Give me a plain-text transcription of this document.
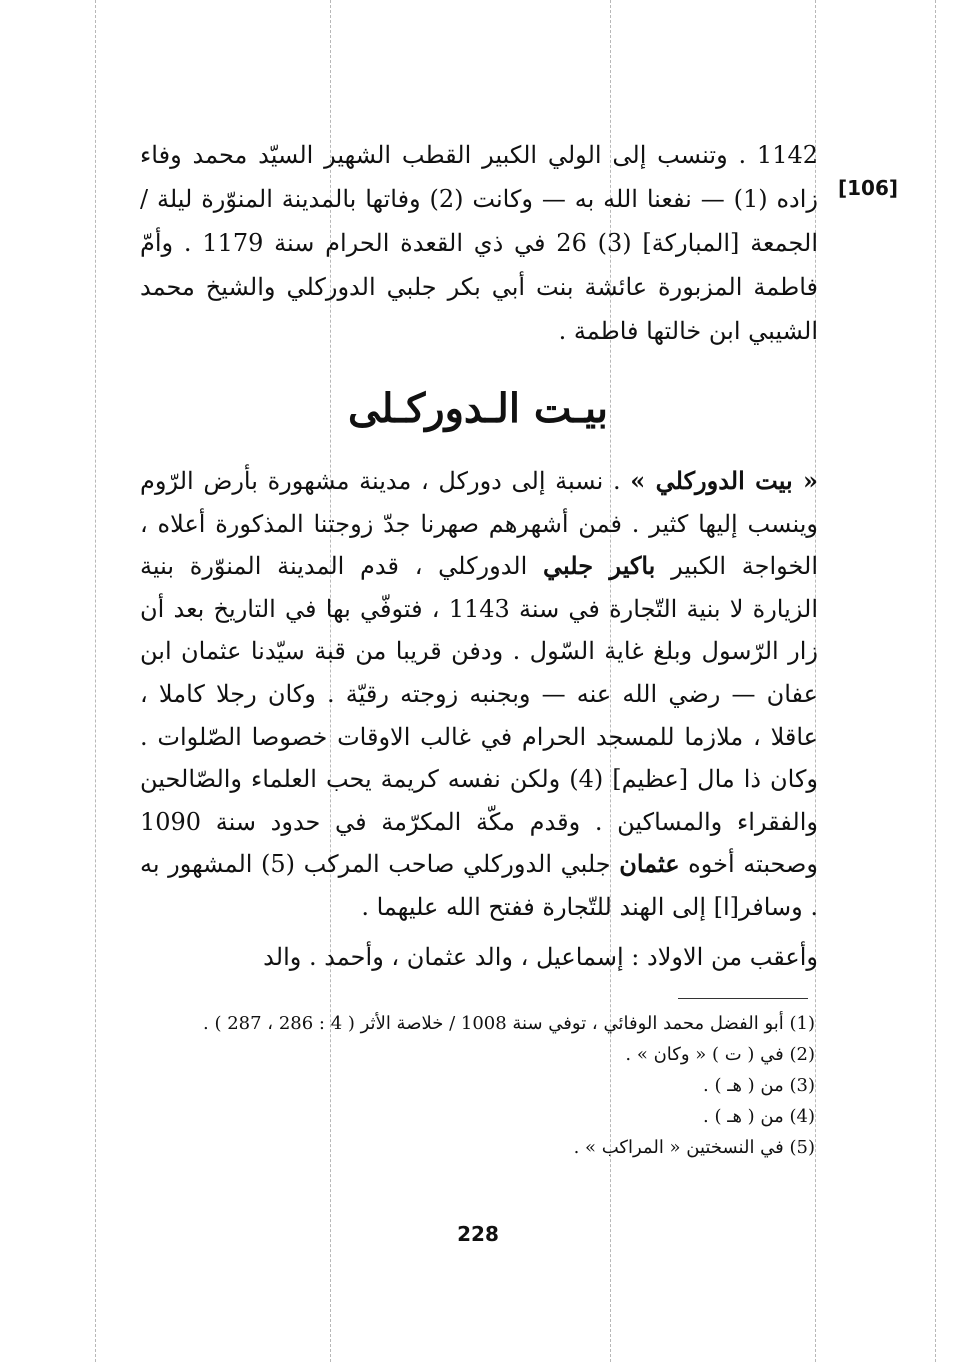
1142 . وتنسب إلى الولي الكبير القطب الشهير السيّد محمد وفاء زاده (1) — نفعنا الله به — وكانت (2) وفاتها بالمدينة المنوّرة ليلة / الجمعة [المباركة] (3) 26 في ذي القعدة الحرام سنة 1179 . وأمّ فاطمة المزبورة عائشة بنت أبي بكر جلبي الدوركلي والشيخ محمد الشيبي ابن خالتها فاطمة .
[106]
بيـت الـدوركـلى
« بيت الدوركلي » . نسبة إلى دوركل ، مدينة مشهورة بأرض الرّوم وينسب إليها كثير . فمن أشهرهم صهرنا جدّ زوجتنا المذكورة أعلاه ، الخواجة الكبير باكير جلبي الدوركلي ، قدم المدينة المنوّرة بنية الزيارة لا بنية التّجارة في سنة 1143 ، فتوفّي بها في التاريخ بعد أن زار الرّسول وبلغ غاية السّول . ودفن قريبا من قبة سيّدنا عثمان ابن عفان — رضي الله عنه — وبجنبه زوجته رقيّة . وكان رجلا كاملا ، عاقلا ، ملازما للمسجد الحرام في غالب الاوقات خصوصا الصّلوات . وكان ذا مال [عظيم] (4) ولكن نفسه كريمة يحب العلماء والصّالحين والفقراء والمساكين . وقدم مكّة المكرّمة في حدود سنة 1090 وصحبته أخوه عثمان جلبي الدوركلي صاحب المركب (5) المشهور به . وسافر[ا] إلى الهند للتّجارة ففتح الله عليهما .
وأعقب من الاولاد : إسماعيل ، والد عثمان ، وأحمد . والد

(1) أبو الفضل محمد الوفائي ، توفي سنة 1008 / خلاصة الأثر ( 4 : 286 ، 287 ) .

(2) في ( ت ) « وكان » .

(3) من ( هـ ) .

(4) من ( هـ ) .

(5) في النسختين « المراكب » .

228
